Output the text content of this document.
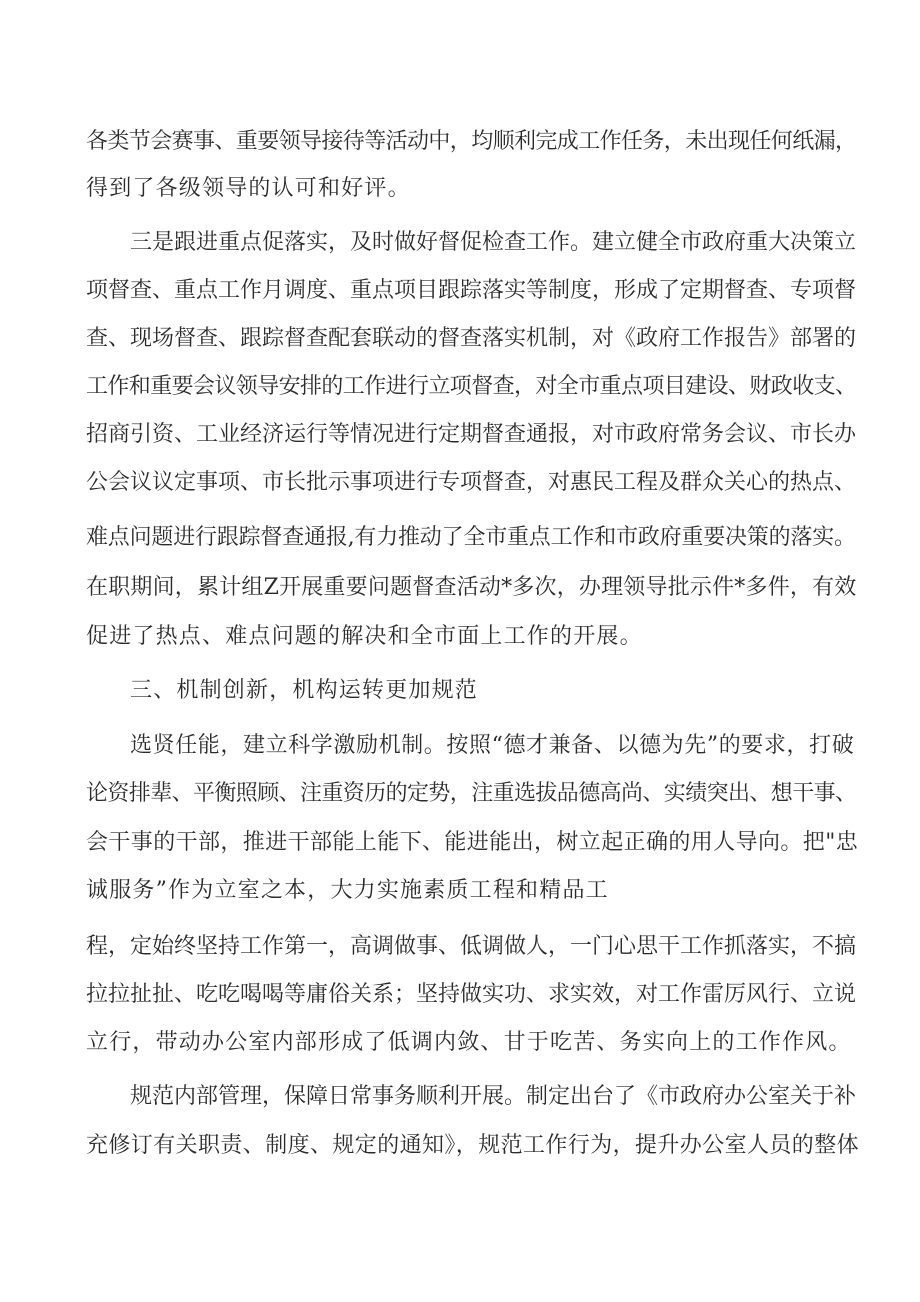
各类节会赛事、重要领导接待等活动中，均顺利完成工作任务，未出现任何纸漏，
得到了各级领导的认可和好评。
三是跟进重点促落实，及时做好督促检查工作。建立健全市政府重大决策立
项督查、重点工作月调度、重点项目跟踪落实等制度，形成了定期督查、专项督
查、现场督查、跟踪督查配套联动的督查落实机制，对《政府工作报告》部署的
工作和重要会议领导安排的工作进行立项督查，对全市重点项目建设、财政收支、
招商引资、工业经济运行等情况进行定期督查通报，对市政府常务会议、市长办
公会议议定事项、市长批示事项进行专项督查，对惠民工程及群众关心的热点、
难点问题进行跟踪督查通报,有力推动了全市重点工作和市政府重要决策的落实。
在职期间，累计组Z开展重要问题督查活动*多次，办理领导批示件*多件，有效
促进了热点、难点问题的解决和全市面上工作的开展。
三、机制创新，机构运转更加规范
选贤任能，建立科学激励机制。按照“德才兼备、以德为先”的要求，打破
论资排辈、平衡照顾、注重资历的定势，注重选拔品德高尚、实绩突出、想干事、
会干事的干部，推进干部能上能下、能进能出，树立起正确的用人导向。把"忠
诚服务”作为立室之本，大力实施素质工程和精品工
程，定始终坚持工作第一，高调做事、低调做人，一门心思干工作抓落实，不搞
拉拉扯扯、吃吃喝喝等庸俗关系；坚持做实功、求实效，对工作雷厉风行、立说
立行，带动办公室内部形成了低调内敛、甘于吃苦、务实向上的工作作风。
规范内部管理，保障日常事务顺利开展。制定出台了《市政府办公室关于补
充修订有关职责、制度、规定的通知》，规范工作行为，提升办公室人员的整体
